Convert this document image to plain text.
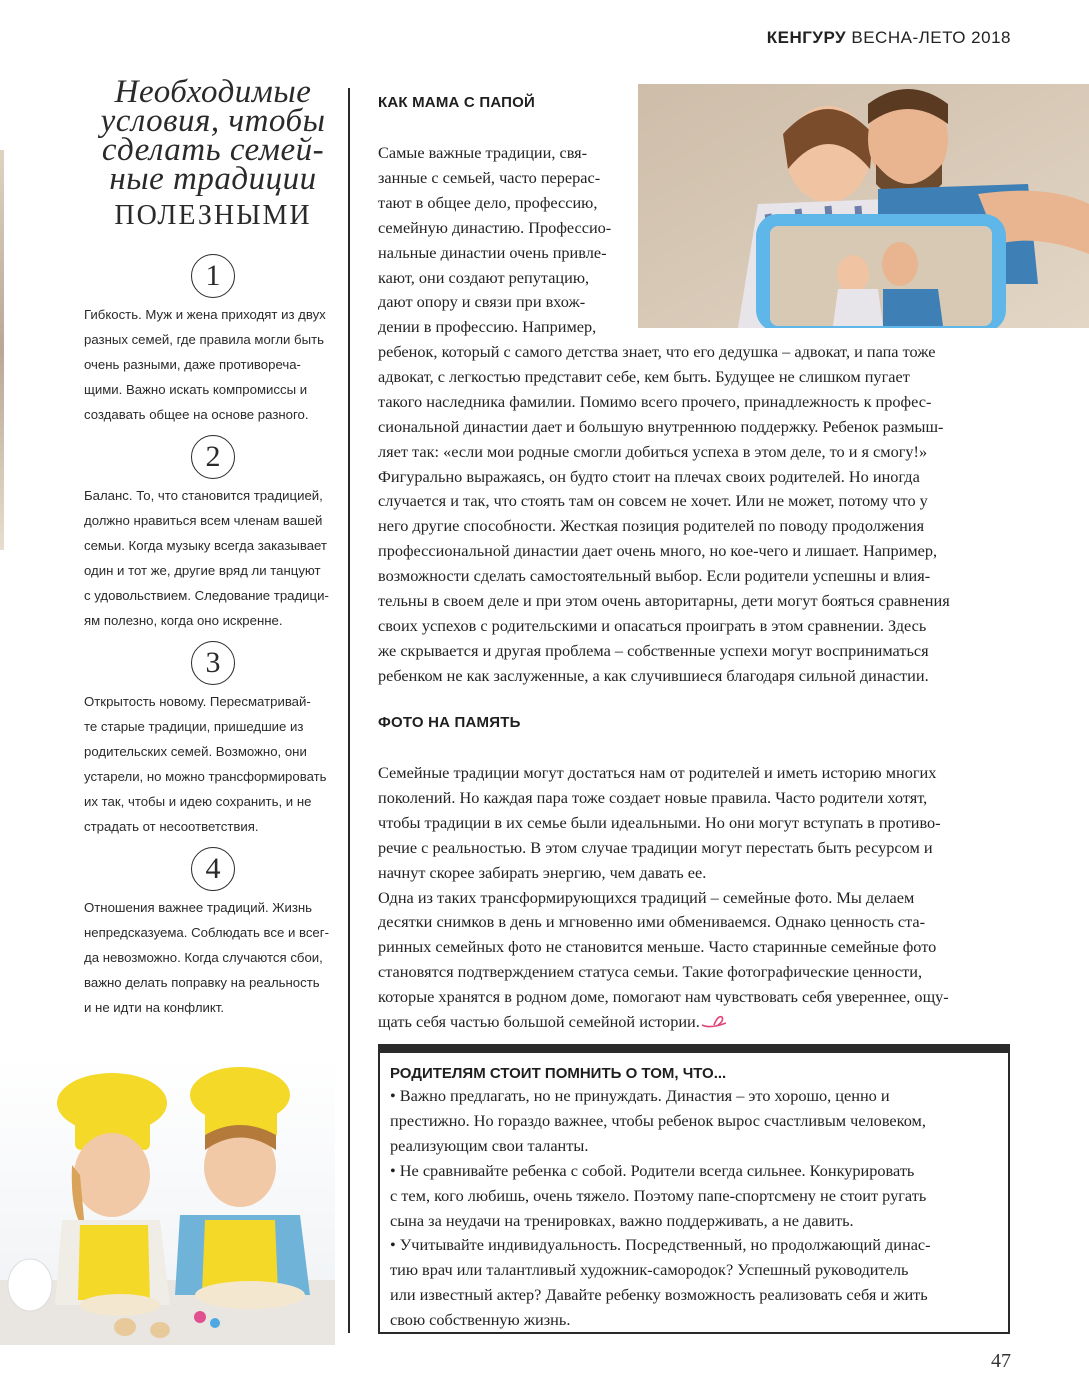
КЕНГУРУ ВЕСНА-ЛЕТО 2018
Необходимые
условия, чтобы
сделать семей-
ные традиции
ПОЛЕЗНЫМИ
1
Гибкость. Муж и жена приходят из двух
разных семей, где правила могли быть
очень разными, даже противореча-
щими. Важно искать компромиссы и
создавать общее на основе разного.
2
Баланс. То, что становится традицией,
должно нравиться всем членам вашей
семьи. Когда музыку всегда заказывает
один и тот же, другие вряд ли танцуют
с удовольствием. Следование традици-
ям полезно, когда оно искренне.
3
Открытость новому. Пересматривай-
те старые традиции, пришедшие из
родительских семей. Возможно, они
устарели, но можно трансформировать
их так, чтобы и идею сохранить, и не
страдать от несоответствия.
4
Отношения важнее традиций. Жизнь
непредсказуема. Соблюдать все и всег-
да невозможно. Когда случаются сбои,
важно делать поправку на реальность
и не идти на конфликт.
КАК МАМА С ПАПОЙ
Самые важные традиции, свя-
занные с семьей, часто перерас-
тают в общее дело, профессию,
семейную династию. Профессио-
нальные династии очень привле-
кают, они создают репутацию,
дают опору и связи при вхож-
дении в профессию. Например,
ребенок, который с самого детства знает, что его дедушка – адвокат, и папа тоже
адвокат, с легкостью представит себе, кем быть. Будущее не слишком пугает
такого наследника фамилии. Помимо всего прочего, принадлежность к профес-
сиональной династии дает и большую внутреннюю поддержку. Ребенок размыш-
ляет так: «если мои родные смогли добиться успеха в этом деле, то и я смогу!»
Фигурально выражаясь, он будто стоит на плечах своих родителей. Но иногда
случается и так, что стоять там он совсем не хочет. Или не может, потому что у
него другие способности. Жесткая позиция родителей по поводу продолжения
профессиональной династии дает очень много, но кое-чего и лишает. Например,
возможности сделать самостоятельный выбор. Если родители успешны и влия-
тельны в своем деле и при этом очень авторитарны, дети могут бояться сравнения
своих успехов с родительскими и опасаться проиграть в этом сравнении. Здесь
же скрывается и другая проблема – собственные успехи могут восприниматься
ребенком не как заслуженные, а как случившиеся благодаря сильной династии.
ФОТО НА ПАМЯТЬ
Семейные традиции могут достаться нам от родителей и иметь историю многих
поколений. Но каждая пара тоже создает новые правила. Часто родители хотят,
чтобы традиции в их семье были идеальными. Но они могут вступать в противо-
речие с реальностью. В этом случае традиции могут перестать быть ресурсом и
начнут скорее забирать энергию, чем давать ее.
Одна из таких трансформирующихся традиций – семейные фото. Мы делаем
десятки снимков в день и мгновенно ими обмениваемся. Однако ценность ста-
ринных семейных фото не становится меньше. Часто старинные семейные фото
становятся подтверждением статуса семьи. Такие фотографические ценности,
которые хранятся в родном доме, помогают нам чувствовать себя увереннее, ощу-
щать себя частью большой семейной истории.
РОДИТЕЛЯМ СТОИТ ПОМНИТЬ О ТОМ, ЧТО...
• Важно предлагать, но не принуждать. Династия – это хорошо, ценно и
престижно. Но гораздо важнее, чтобы ребенок вырос счастливым человеком,
реализующим свои таланты.
• Не сравнивайте ребенка с собой. Родители всегда сильнее. Конкурировать
с тем, кого любишь, очень тяжело. Поэтому папе-спортсмену не стоит ругать
сына за неудачи на тренировках, важно поддерживать, а не давить.
• Учитывайте индивидуальность. Посредственный, но продолжающий динас-
тию врач или талантливый художник-самородок? Успешный руководитель
или известный актер? Давайте ребенку возможность реализовать себя и жить
свою собственную жизнь.
47
